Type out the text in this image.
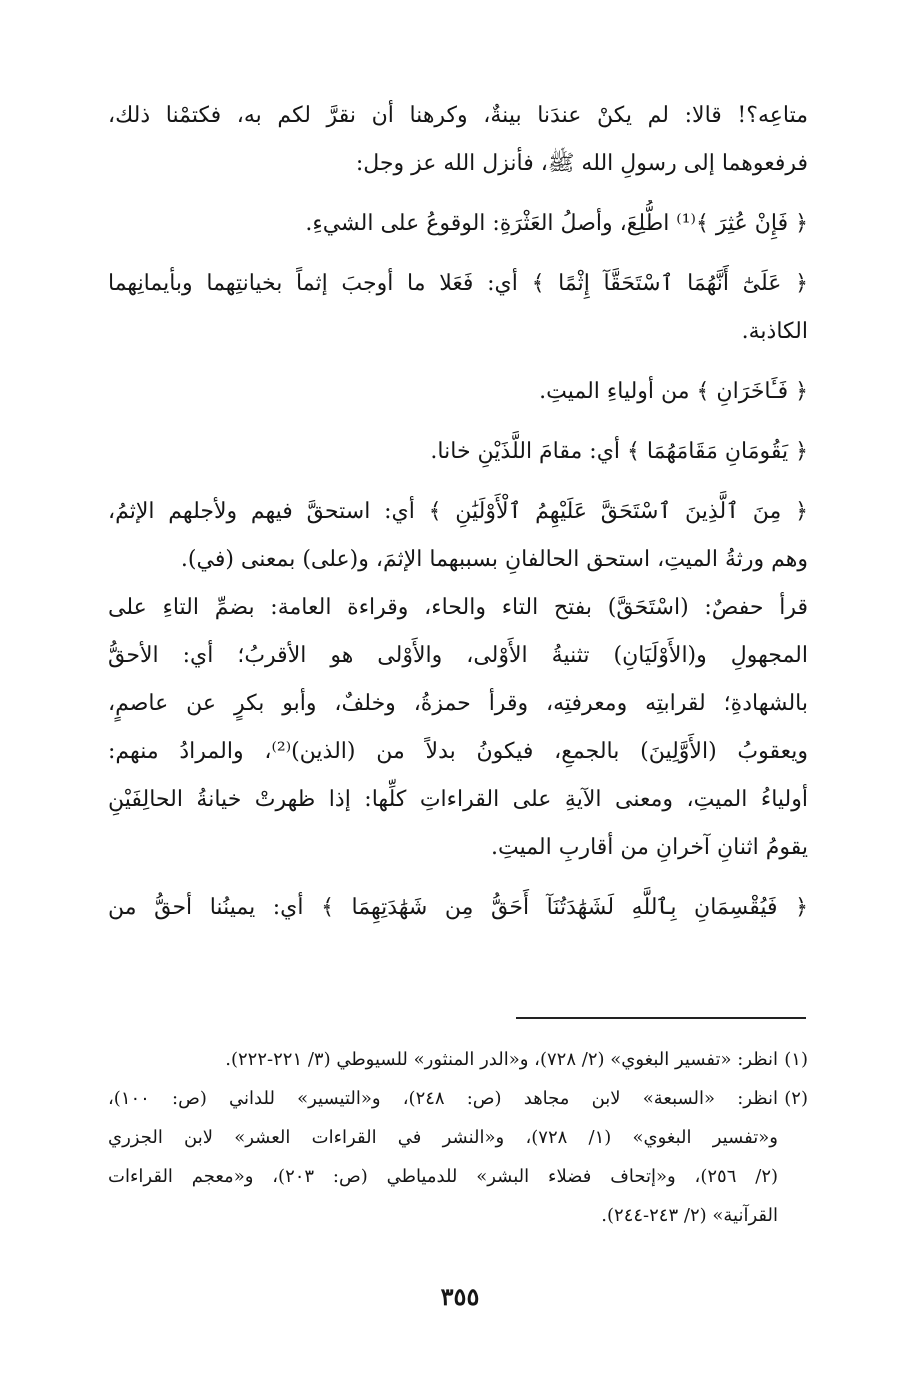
متاعِه؟! قالا: لم يكنْ عندَنا بينةٌ، وكرهنا أن نقرَّ لكم به، فكتمْنا ذلك،
فرفعوهما إلى رسولِ الله ﷺ، فأنزل الله عز وجل:
﴿ فَإِنْ عُثِرَ ﴾⁽¹⁾ اطُّلِعَ، وأصلُ العَثْرَةِ: الوقوعُ على الشيءِ.
﴿ عَلَىٰٓ أَنَّهُمَا ٱسْتَحَقَّآ إِثْمًا ﴾ أي: فَعَلا ما أوجبَ إثماً بخيانتِهما وبأيمانِهما
الكاذبة.
﴿ فَـَٔاخَرَانِ ﴾ من أولياءِ الميتِ.
﴿ يَقُومَانِ مَقَامَهُمَا ﴾ أي: مقامَ اللَّذَيْنِ خانا.
﴿ مِنَ ٱلَّذِينَ ٱسْتَحَقَّ عَلَيْهِمُ ٱلْأَوْلَيَٰنِ ﴾ أي: استحقَّ فيهم ولأجلهم الإثمُ،
وهم ورثةُ الميتِ، استحق الحالفانِ بسببهما الإثمَ، و(على) بمعنى (في).
قرأ حفصٌ: (اسْتَحَقَّ) بفتح التاء والحاء، وقراءة العامة: بضمِّ التاءِ على
المجهولِ و(الأَوْلَيَانِ) تثنيةُ الأَوْلى، والأَوْلى هو الأقربُ؛ أي: الأحقُّ
بالشهادةِ؛ لقرابتِه ومعرفتِه، وقرأ حمزةُ، وخلفٌ، وأبو بكرٍ عن عاصمٍ،
ويعقوبُ (الأَوَّلِينَ) بالجمعِ، فيكونُ بدلاً من (الذين)⁽²⁾، والمرادُ منهم:
أولياءُ الميتِ، ومعنى الآيةِ على القراءاتِ كلِّها: إذا ظهرتْ خيانةُ الحالِفَيْنِ
يقومُ اثنانِ آخرانِ من أقاربِ الميتِ.
﴿ فَيُقْسِمَانِ بِٱللَّهِ لَشَهَٰدَتُنَآ أَحَقُّ مِن شَهَٰدَتِهِمَا ﴾ أي: يمينُنا أحقُّ من
(١)انظر: «تفسير البغوي» (٢/ ٧٢٨)، و«الدر المنثور» للسيوطي (٣/ ٢٢١-٢٢٢).
(٢)انظر: «السبعة» لابن مجاهد (ص: ٢٤٨)، و«التيسير» للداني (ص: ١٠٠)،
و«تفسير البغوي» (١/ ٧٢٨)، و«النشر في القراءات العشر» لابن الجزري
(٢/ ٢٥٦)، و«إتحاف فضلاء البشر» للدمياطي (ص: ٢٠٣)، و«معجم القراءات
القرآنية» (٢/ ٢٤٣-٢٤٤).
٣٥٥
